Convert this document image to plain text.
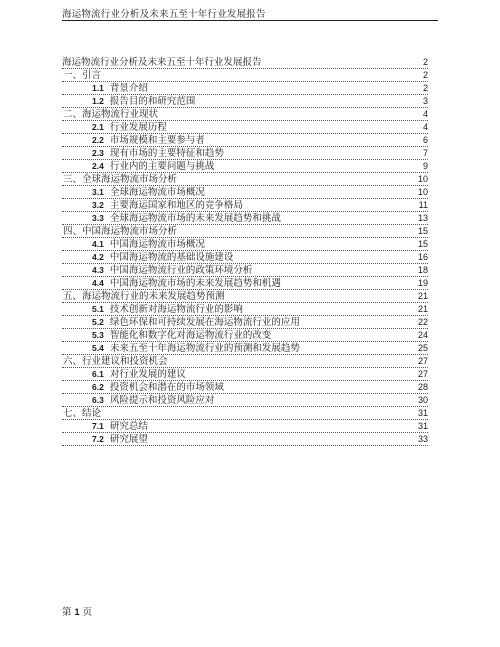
海运物流行业分析及未来五至十年行业发展报告
海运物流行业分析及未来五至十年行业发展报告	2
一、引言	2
1.1 背景介绍	2
1.2 报告目的和研究范围	3
二、海运物流行业现状	4
2.1 行业发展历程	4
2.2 市场规模和主要参与者	6
2.3 现有市场的主要特征和趋势	7
2.4 行业内的主要问题与挑战	9
三、全球海运物流市场分析	10
3.1 全球海运物流市场概况	10
3.2 主要海运国家和地区的竞争格局	11
3.3 全球海运物流市场的未来发展趋势和挑战	13
四、中国海运物流市场分析	15
4.1 中国海运物流市场概况	15
4.2 中国海运物流的基础设施建设	16
4.3 中国海运物流行业的政策环境分析	18
4.4 中国海运物流市场的未来发展趋势和机遇	19
五、海运物流行业的未来发展趋势预测	21
5.1 技术创新对海运物流行业的影响	21
5.2 绿色环保和可持续发展在海运物流行业的应用	22
5.3 智能化和数字化对海运物流行业的改变	24
5.4 未来五至十年海运物流行业的预测和发展趋势	25
六、行业建议和投资机会	27
6.1 对行业发展的建议	27
6.2 投资机会和潜在的市场领域	28
6.3 风险提示和投资风险应对	30
七、结论	31
7.1 研究总结	31
7.2 研究展望	33
第 1 页
